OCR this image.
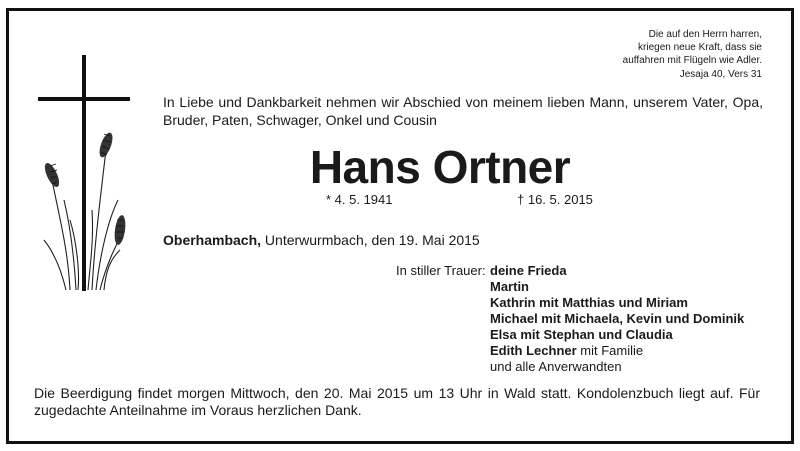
Die auf den Herrn harren,
kriegen neue Kraft, dass sie
auffahren mit Flügeln wie Adler.
Jesaja 40, Vers 31
In Liebe und Dankbarkeit nehmen wir Abschied von meinem lieben Mann, unserem Vater, Opa, Bruder, Paten, Schwager, Onkel und Cousin
Hans Ortner
* 4. 5. 1941	† 16. 5. 2015
Oberhambach, Unterwurmbach, den 19. Mai 2015
In stiller Trauer: deine Frieda
Martin
Kathrin mit Matthias und Miriam
Michael mit Michaela, Kevin und Dominik
Elsa mit Stephan und Claudia
Edith Lechner mit Familie
und alle Anverwandten
Die Beerdigung findet morgen Mittwoch, den 20. Mai 2015 um 13 Uhr in Wald statt. Kondolenzbuch liegt auf. Für zugedachte Anteilnahme im Voraus herzlichen Dank.
